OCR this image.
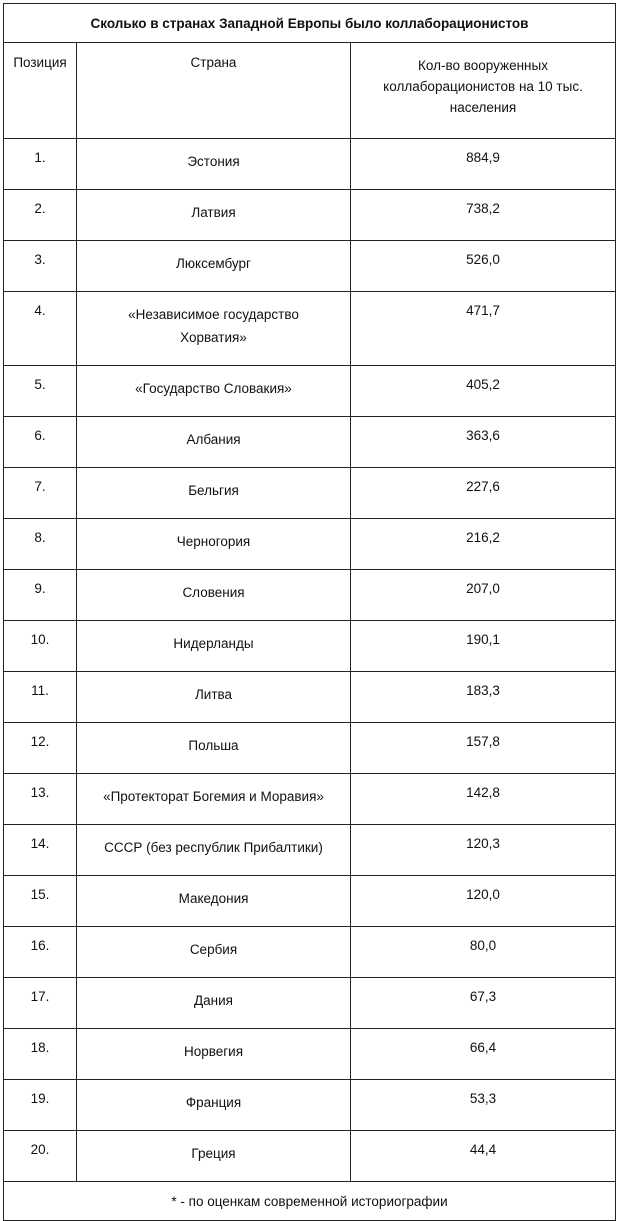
Сколько в странах Западной Европы было коллаборационистов		
Позиция	Страна	Кол-во вооруженных
коллаборационистов на 10 тыс.
населения

1.	Эстония	884,9
2.	Латвия	738,2
3.	Люксембург	526,0
4.	«Независимое государство Хорватия»	471,7
5.	«Государство Словакия»	405,2
6.	Албания	363,6
7.	Бельгия	227,6
8.	Черногория	216,2
9.	Словения	207,0
10.	Нидерланды	190,1
11.	Литва	183,3
12.	Польша	157,8
13.	«Протекторат Богемия и Моравия»	142,8
14.	СССР (без республик Прибалтики)	120,3
15.	Македония	120,0
16.	Сербия	80,0
17.	Дания	67,3
18.	Норвегия	66,4
19.	Франция	53,3
20.	Греция	44,4
* - по оценкам современной историографии		
